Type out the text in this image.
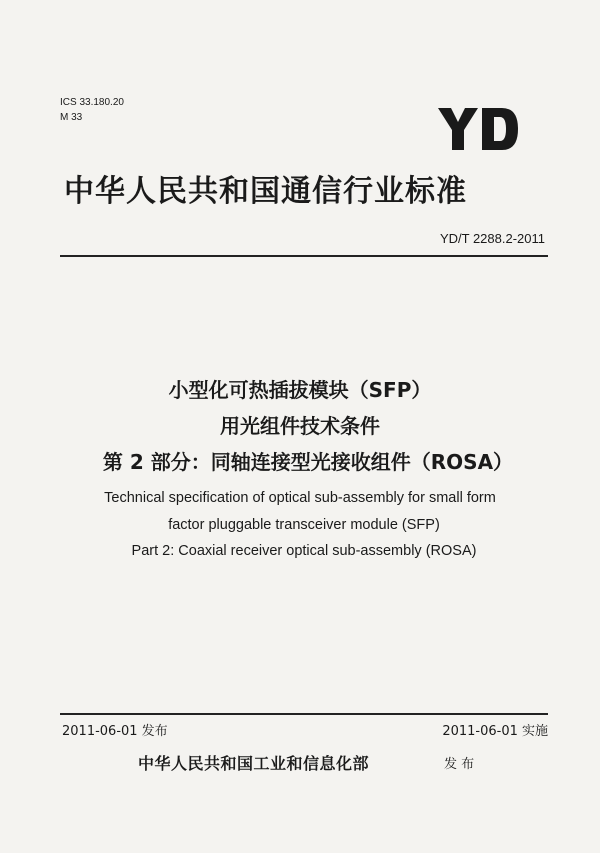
ICS 33.180.20
M 33
中华人民共和国通信行业标准
YD/T 2288.2-2011
小型化可热插拔模块（SFP）
用光组件技术条件
第 2 部分：同轴连接型光接收组件（ROSA）
Technical specification of optical sub-assembly for small form
factor pluggable transceiver module (SFP)
Part 2: Coaxial receiver optical sub-assembly (ROSA)
2011-06-01 发布	2011-06-01 实施
中华人民共和国工业和信息化部	发 布
